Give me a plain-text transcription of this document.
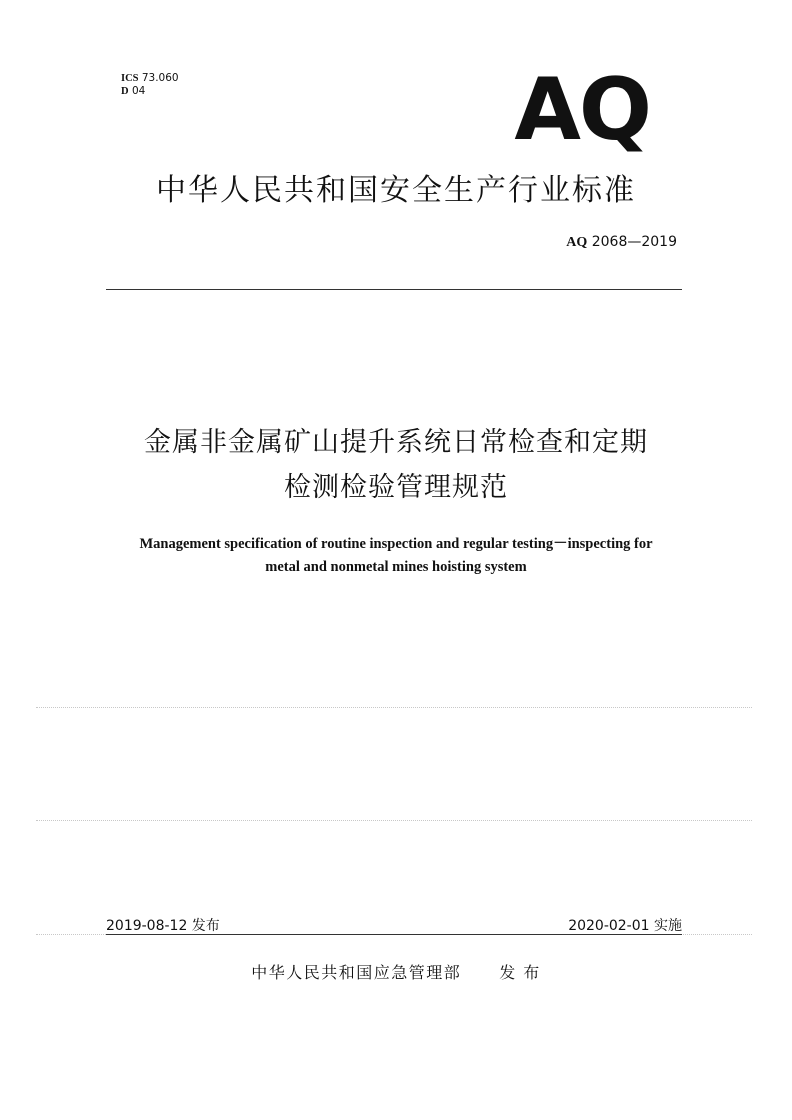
ICS 73.060
D 04	AQ
中华人民共和国安全生产行业标准
AQ 2068—2019
金属非金属矿山提升系统日常检查和定期
检测检验管理规范
Management specification of routine inspection and regular testing－inspecting for
metal and nonmetal mines hoisting system
2019-08-12 发布	2020-02-01 实施
中华人民共和国应急管理部 发 布
